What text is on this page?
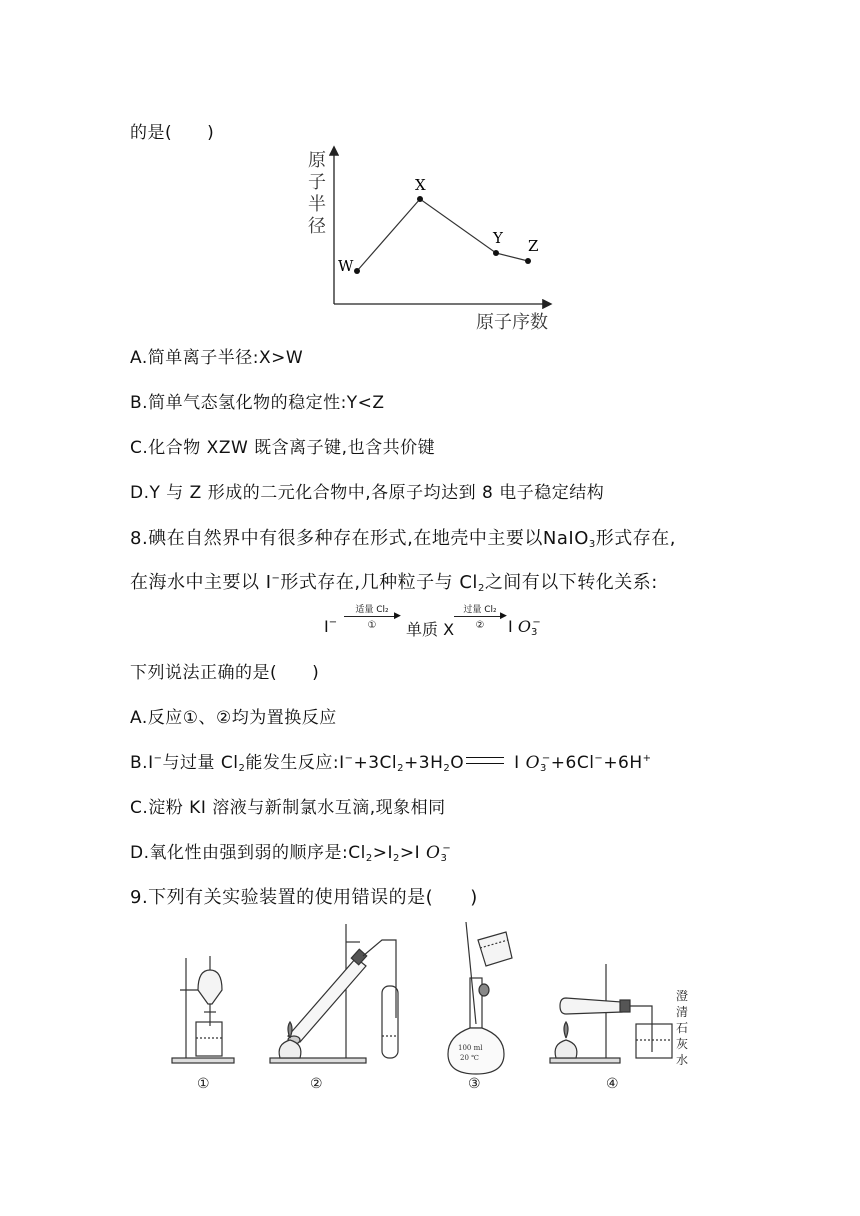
的是(　　)
原
子
半
径
原子序数
W
X
Y Z
A.简单离子半径:X>W
B.简单气态氢化物的稳定性:Y<Z
C.化合物 XZW 既含离子键,也含共价键
D.Y 与 Z 形成的二元化合物中,各原子均达到 8 电子稳定结构
8.碘在自然界中有很多种存在形式,在地壳中主要以NaIO$_3$形式存在,
在海水中主要以 I−形式存在,几种粒子与 $Cl_2$之间有以下转化关系:
I−
适量 Cl₂
▶
①	单质 X
过量 Cl₂
▶
②	I $O_3^-$
下列说法正确的是(　　)
A.反应①、②均为置换反应
B.I−与过量 $Cl_2$能发生反应$:I^-+3Cl_2+3H_2O$	I $O_3^-+6Cl^-+6H^+$
C.淀粉 KI 溶液与新制氯水互滴,现象相同
D.氧化性由强到弱的顺序是$:Cl_2>I_2>I$ $O_3^-$
9.下列有关实验装置的使用错误的是(　　)
①	②
100 ml
20 ℃
③	④
澄
清
石
灰
水
